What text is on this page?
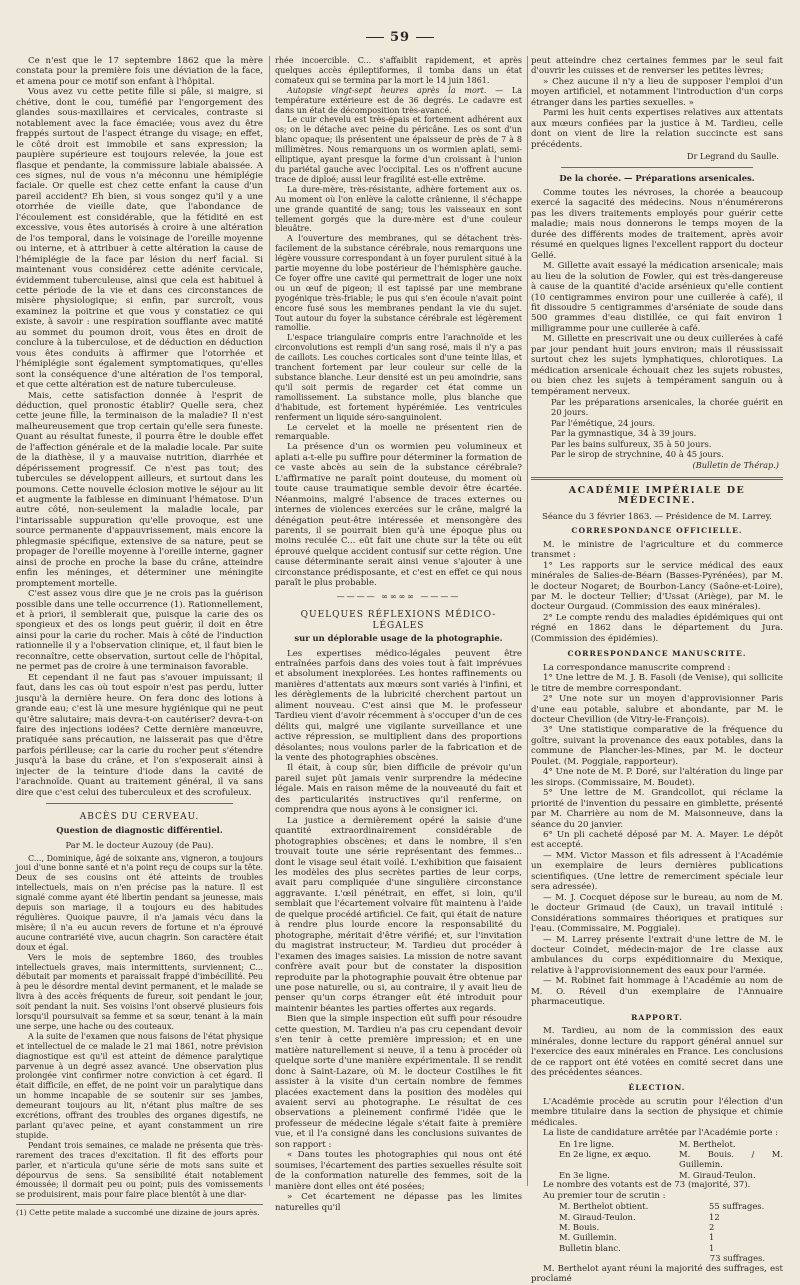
59

Ce n'est que le 17 septembre 1862 que la mère constata pour la première fois une déviation de la face, et amena pour ce motif son enfant à l'hôpital.

Vous avez vu cette petite fille si pâle, si maigre, si chétive, dont le cou, tuméfié par l'engorgement des glandes sous-maxillaires et cervicales, contraste si notablement avec la face émaciée; vous avez du être frappés surtout de l'aspect étrange du visage; en effet, le côté droit est immobile et sans expression; la paupière supérieure est toujours relevée, la joue est flasque et pendante, la commissure labiale abaissée. A ces signes, nul de vous n'a méconnu une hémiplégie faciale. Or quelle est chez cette enfant la cause d'un pareil accident? Eh bien, si vous songez qu'il y a une otorrhée de vieille date, que l'abondance de l'écoulement est considérable, que la fétidité en est excessive, vous êtes autorisés à croire à une altération de l'os temporal, dans le voisinage de l'oreille moyenne ou interne, et à attribuer à cette altération la cause de l'hémiplégie de la face par lésion du nerf facial. Si maintenant vous considérez cette adénite cervicale, évidemment tuberculeuse, ainsi que cela est habituel à cette période de la vie et dans ces circonstances de misère physiologique; si enfin, par surcroît, vous examinez la poitrine et que vous y constatiez ce qui existe, à savoir : une respiration soufflante avec matité au sommet du poumon droit, vous êtes en droit de conclure à la tuberculose, et de déduction en déduction vous êtes conduits à affirmer que l'otorrhée et l'hémiplégie sont également symptomatiques, qu'elles sont la conséquence d'une altération de l'os temporal, et que cette altération est de nature tuberculeuse.

Mais, cette satisfaction donnée à l'esprit de déduction, quel pronostic établir? Quelle sera, chez cette jeune fille, la terminaison de la maladie? Il n'est malheureusement que trop certain qu'elle sera funeste. Quant au résultat funeste, il pourra être le double effet de l'affection générale et de la maladie locale. Par suite de la diathèse, il y a mauvaise nutrition, diarrhée et dépérissement progressif. Ce n'est pas tout; des tubercules se développent ailleurs, et surtout dans les poumons. Cette nouvelle éclosion motive le séjour au lit et augmente la faiblesse en diminuant l'hématose. D'un autre côté, non-seulement la maladie locale, par l'intarissable suppuration qu'elle provoque, est une source permanente d'appauvrissement, mais encore la phlegmasie spécifique, extensive de sa nature, peut se propager de l'oreille moyenne à l'oreille interne, gagner ainsi de proche en proche la base du crâne, atteindre enfin les méninges, et déterminer une méningite promptement mortelle.

C'est assez vous dire que je ne crois pas la guérison possible dans une telle occurrence (1). Rationnellement, et à priori, il semblerait que, puisque la carie des os spongieux et des os longs peut guérir, il doit en être ainsi pour la carie du rocher. Mais à côté de l'induction rationnelle il y a l'observation clinique, et, il faut bien le reconnaître, cette observation, surtout celle de l'hôpital, ne permet pas de croire à une terminaison favorable.

Et cependant il ne faut pas s'avouer impuissant; il faut, dans les cas où tout espoir n'est pas perdu, lutter jusqu'à la dernière heure. On fera donc des lotions à grande eau; c'est là une mesure hygiénique qui ne peut qu'être salutaire; mais devra-t-on cautériser? devra-t-on faire des injections iodées? Cette dernière manœuvre, pratiquée sans précaution, ne laisserait pas que d'être parfois périlleuse; car la carie du rocher peut s'étendre jusqu'à la base du crâne, et l'on s'exposerait ainsi à injecter de la teinture d'iode dans la cavité de l'arachnoïde. Quant au traitement général, il va sans dire que c'est celui des tuberculeux et des scrofuleux.

ABCÈS DU CERVEAU.

Question de diagnostic différentiel.

Par M. le docteur Auzouy (de Pau).

C..., Dominique, âgé de soixante ans, vigneron, a toujours joui d'une bonne santé et n'a point reçu de coups sur la tête. Deux de ses cousins ont été atteints de troubles intellectuels, mais on n'en précise pas la nature. Il est signalé comme ayant été libertin pendant sa jeunesse, mais depuis son mariage, il a toujours eu des habitudes régulières. Quoique pauvre, il n'a jamais vécu dans la misère; il n'a eu aucun revers de fortune et n'a éprouvé aucune contrariété vive, aucun chagrin. Son caractère était doux et égal.

Vers le mois de septembre 1860, des troubles intellectuels graves, mais intermittents, surviennent; C... débutait par moments et paraissait frappé d'imbécillité. Peu à peu le désordre mental devint permanent, et le malade se livra à des accès fréquents de fureur, soit pendant le jour, soit pendant la nuit. Ses voisins l'ont observé plusieurs fois lorsqu'il poursuivait sa femme et sa sœur, tenant à la main une serpe, une hache ou des couteaux.

A la suite de l'examen que nous faisons de l'état physique et intellectuel de ce malade le 21 mai 1861, notre prévision diagnostique est qu'il est atteint de démence paralytique parvenue à un degré assez avancé. Une observation plus prolongée vint confirmer notre conviction à cet égard. Il était difficile, en effet, de ne point voir un paralytique dans un homme incapable de se soutenir sur ses jambes, demeurant toujours au lit, n'étant plus maître de ses excrétions, offrant des troubles des organes digestifs, ne parlant qu'avec peine, et ayant constamment un rire stupide.

Pendant trois semaines, ce malade ne présenta que très-rarement des traces d'excitation. Il fit des efforts pour parler, et n'articula qu'une série de mots sans suite et dépourvus de sens. Sa sensibilité était notablement émoussée; il dormait peu ou point; puis des vomissements se produisirent, mais pour faire place bientôt à une diar-

(1) Cette petite malade a succombé une dizaine de jours après.

rhée incoercible. C... s'affaiblit rapidement, et après quelques accès épileptiformes, il tomba dans un état comateux qui se termina par la mort le 14 juin 1861.

Autopsie vingt-sept heures après la mort. — La température extérieure est de 36 degrés. Le cadavre est dans un état de décomposition très-avancé.

Le cuir chevelu est très-épais et fortement adhérent aux os; on le détache avec peine du péricâne. Les os sont d'un blanc opaque; ils présentent une épaisseur de près de 7 à 8 millimètres. Nous remarquons un os wormien aplati, semi-elliptique, ayant presque la forme d'un croissant à l'union du pariétal gauche avec l'occipital. Les os n'offrent aucune trace de diploé; aussi leur fragilité est-elle extrême.

La dure-mère, très-résistante, adhère fortement aux os. Au moment où l'on enlève la calotte crânienne, il s'échappe une grande quantité de sang; tous les vaisseaux en sont tellement gorgés que la dure-mère est d'une couleur bleuâtre.

A l'ouverture des membranes, qui se détachent très-facilement de la substance cérébrale, nous remarquons une légère voussure correspondant à un foyer purulent situé à la partie moyenne du lobe postérieur de l'hémisphère gauche. Ce foyer offre une cavité qui permettrait de loger une noix ou un œuf de pigeon; il est tapissé par une membrane pyogénique très-friable; le pus qui s'en écoule n'avait point encore fusé sous les membranes pendant la vie du sujet. Tout autour du foyer la substance cérébrale est légèrement ramollie.

L'espace triangulaire compris entre l'arachnoïde et les circonvolutions est rempli d'un sang rosé, mais il n'y a pas de caillots. Les couches corticales sont d'une teinte lilas, et tranchent fortement par leur couleur sur celle de la substance blanche. Leur densité est un peu amoindrie, sans qu'il soit permis de regarder cet état comme un ramollissement. La substance molle, plus blanche que d'habitude, est fortement hypérémiée. Les ventricules renferment un liquide séro-sanguinolent.

Le cervelet et la moelle ne présentent rien de remarquable.

La présence d'un os wormien peu volumineux et aplati a-t-elle pu suffire pour déterminer la formation de ce vaste abcès au sein de la substance cérébrale? L'affirmative ne paraît point douteuse, du moment où toute cause traumatique semble devoir être écartée. Néanmoins, malgré l'absence de traces externes ou internes de violences exercées sur le crâne, malgré la dénégation peut-être intéressée et mensongère des parents, il se pourrait bien qu'à une époque plus ou moins reculée C... eût fait une chute sur la tête ou eût éprouvé quelque accident contusif sur cette région. Une cause déterminante serait ainsi venue s'ajouter à une circonstance prédisposante, et c'est en effet ce qui nous paraît le plus probable.

———— ∞∞∞∞ ————

QUELQUES RÉFLEXIONS MÉDICO-LÉGALES

sur un déplorable usage de la photographie.

Les expertises médico-légales peuvent être entraînées parfois dans des voies tout à fait imprévues et absolument inexplorées. Les hontes raffinements ou manières d'attentats aux mœurs sont variés à l'infini, et les dérèglements de la lubricité cherchent partout un aliment nouveau. C'est ainsi que M. le professeur Tardieu vient d'avoir récemment à s'occuper d'un de ces délits qui, malgré une vigilante surveillance et une active répression, se multiplient dans des proportions désolantes; nous voulons parler de la fabrication et de la vente des photographies obscènes.

Il était, à coup sûr, bien difficile de prévoir qu'un pareil sujet pût jamais venir surprendre la médecine légale. Mais en raison même de la nouveauté du fait et des particularités instructives qu'il renferme, on comprendra que nous ayons à le consigner ici.

La justice a dernièrement opéré la saisie d'une quantité extraordinairement considérable de photographies obscènes; et dans le nombre, il s'en trouvait toute une série représentant des femmes... dont le visage seul était voilé. L'exhibition que faisaient les modèles des plus secrètes parties de leur corps, avait paru compliquée d'une singulière circonstance aggravante. L'œil pénétrait, en effet, si loin, qu'il semblait que l'écartement volvaire fût maintenu à l'aide de quelque procédé artificiel. Ce fait, qui était de nature à rendre plus lourde encore la responsabilité du photographe, méritait d'être vérifié; et, sur l'invitation du magistrat instructeur, M. Tardieu dut procéder à l'examen des images saisies. La mission de notre savant confrère avait pour but de constater la disposition reproduite par la photographie pouvait être obtenue par une pose naturelle, ou si, au contraire, il y avait lieu de penser qu'un corps étranger eût été introduit pour maintenir béantes les parties offertes aux regards.

Bien que la simple inspection eût suffi pour résoudre cette question, M. Tardieu n'a pas cru cependant devoir s'en tenir à cette première impression; et en une matière naturellement si neuve, il a tenu à procéder où quelque sorte d'une manière expérimentale. Il se rendit donc à Saint-Lazare, où M. le docteur Costilhes le fit assister à la visite d'un certain nombre de femmes placées exactement dans la position des modèles qui avaient servi au photographe. Le résultat de ces observations a pleinement confirmé l'idée que le professeur de médecine légale s'était faite à première vue, et il l'a consigné dans les conclusions suivantes de son rapport :

« Dans toutes les photographies qui nous ont été soumises, l'écartement des parties sexuelles résulte soit de la conformation naturelle des femmes, soit de la manière dont elles ont été posées;

» Cet écartement ne dépasse pas les limites naturelles qu'il

peut atteindre chez certaines femmes par le seul fait d'ouvrir les cuisses et de renverser les petites lèvres;

» Chez aucune il n'y a lieu de supposer l'emploi d'un moyen artificiel, et notamment l'introduction d'un corps étranger dans les parties sexuelles. »

Parmi les huit cents expertises relatives aux attentats aux mœurs confiées par la justice à M. Tardieu, celle dont on vient de lire la relation succincte est sans précédents.

Dr Legrand du Saulle.

De la chorée. — Préparations arsenicales.

Comme toutes les névroses, la chorée a beaucoup exercé la sagacité des médecins. Nous n'énumérerons pas les divers traitements employés pour guérir cette maladie; mais nous donnerons le temps moyen de la durée des différents modes de traitement, après avoir résumé en quelques lignes l'excellent rapport du docteur Gellé.

M. Gillette avait essayé la médication arsenicale; mais au lieu de la solution de Fowler, qui est très-dangereuse à cause de la quantité d'acide arsénieux qu'elle contient (10 centigrammes environ pour une cuillerée à café), il fit dissoudre 5 centigrammes d'arséniate de soude dans 500 grammes d'eau distillée, ce qui fait environ 1 milligramme pour une cuillerée à café.

M. Gillette en prescrivait une ou deux cuillerées à café par jour pendant huit jours environ; mais il réussissait surtout chez les sujets lymphatiques, chlorotiques. La médication arsenicale échouait chez les sujets robustes, ou bien chez les sujets à tempérament sanguin ou à tempérament nerveux.

Par les préparations arsenicales, la chorée guérit en 20 jours.

Par l'émétique, 24 jours.

Par la gymnastique, 34 à 39 jours.

Par les bains sulfureux, 35 à 50 jours.

Par le sirop de strychnine, 40 à 45 jours.

(Bulletin de Thérap.)

ACADÉMIE IMPÉRIALE DE MÉDECINE.

Séance du 3 février 1863. — Présidence de M. Larrey.

CORRESPONDANCE OFFICIELLE.

M. le ministre de l'agriculture et du commerce transmet :

1° Les rapports sur le service médical des eaux minérales de Salies-de-Béarn (Basses-Pyrénées), par M. le docteur Nogaret; de Bourbon-Lancy (Saône-et-Loire), par M. le docteur Tellier; d'Ussat (Ariège), par M. le docteur Ourgaud. (Commission des eaux minérales).

2° Le compte rendu des maladies épidémiques qui ont régné en 1862 dans le département du Jura. (Commission des épidémies).

CORRESPONDANCE MANUSCRITE.

La correspondance manuscrite comprend :

1° Une lettre de M. J. B. Fasoli (de Venise), qui sollicite le titre de membre correspondant.

2° Une note sur un moyen d'approvisionner Paris d'une eau potable, salubre et abondante, par M. le docteur Chevillion (de Vitry-le-François).

3° Une statistique comparative de la fréquence du goître, suivant la provenance des eaux potables, dans la commune de Plancher-les-Mines, par M. le docteur Poulet. (M. Poggiale, rapporteur).

4° Une note de M. P. Doré, sur l'altération du linge par les sirops. (Commissaire, M. Boudet).

5° Une lettre de M. Grandcollot, qui réclame la priorité de l'invention du pessaire en gimblette, présenté par M. Charrière au nom de M. Maisonneuve, dans la séance du 20 janvier.

6° Un pli cacheté déposé par M. A. Mayer. Le dépôt est accepté.

— MM. Victor Masson et fils adressent à l'Académie un exemplaire de leurs dernières publications scientifiques. (Une lettre de remerciment spéciale leur sera adressée).

— M. J. Cocquet dépose sur le bureau, au nom de M. le docteur Grimaud (de Caux), un travail intitulé : Considérations sommaires théoriques et pratiques sur l'eau. (Commissaire, M. Poggiale).

— M. Larrey présente l'extrait d'une lettre de M. le docteur Coindet, médecin-major de 1re classe aux ambulances du corps expéditionnaire du Mexique, relative à l'approvisionnement des eaux pour l'armée.

— M. Robinet fait hommage à l'Académie au nom de M. O. Réveil d'un exemplaire de l'Annuaire pharmaceutique.

RAPPORT.

M. Tardieu, au nom de la commission des eaux minérales, donne lecture du rapport général annuel sur l'exercice des eaux minérales en France. Les conclusions de ce rapport ont été votées en comité secret dans une des précédentes séances.

ÉLECTION.

L'Académie procède au scrutin pour l'élection d'un membre titulaire dans la section de physique et chimie médicales.

La liste de candidature arrêtée par l'Académie porte :

En 1re ligne.	M. Berthelot.
En 2e ligne, ex æquo.	M. Bouis. / M. Guillemin.
En 3e ligne.	M. Giraud-Teulon.

Le nombre des votants est de 73 (majorité, 37).

Au premier tour de scrutin :

M. Berthelot obtient.	55 suffrages.
M. Giraud-Teulon.	12
M. Bouis.	2
M. Guillemin.	1
Bulletin blanc.	1
73 suffrages.

M. Berthelot ayant réuni la majorité des suffrages, est proclamé
